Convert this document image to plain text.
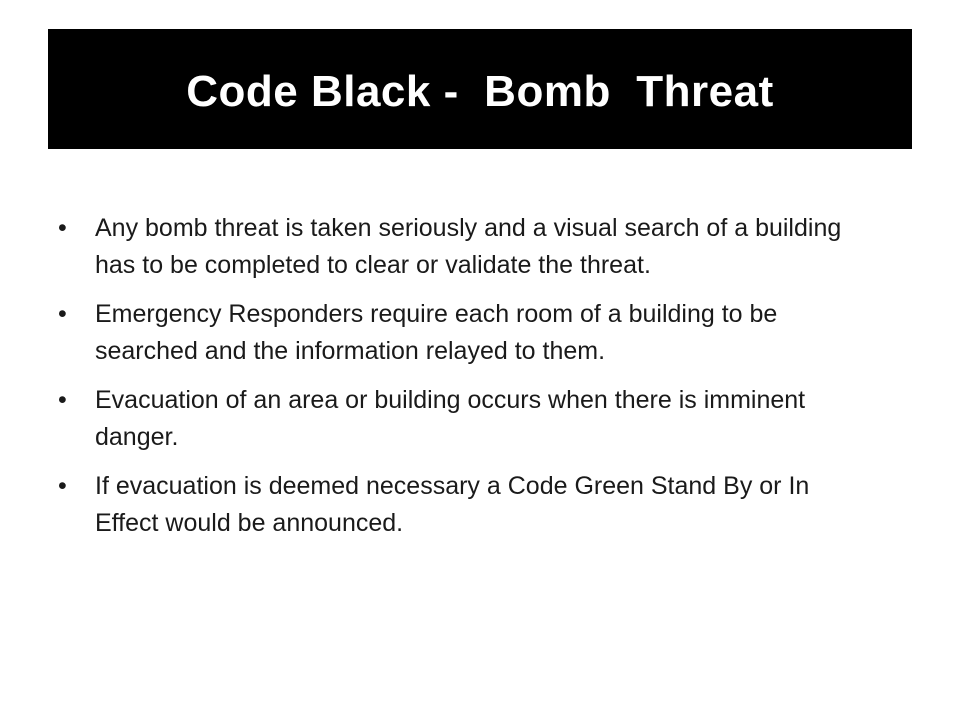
Code Black -  Bomb  Threat
•	Any bomb threat is taken seriously and a visual search of a building has to be completed to clear or validate the threat.
•	Emergency Responders require each room of a building to be searched and the information relayed to them.
•	Evacuation of an area or building occurs when there is imminent danger.
•	If evacuation is deemed necessary a Code Green Stand By or In Effect would be announced.
